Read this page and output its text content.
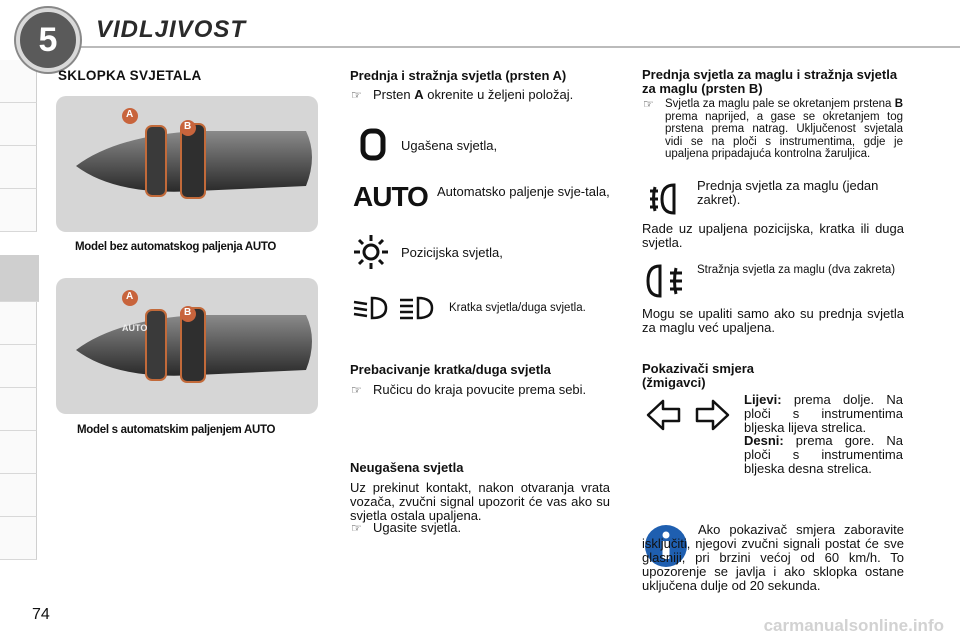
5	VIDLJIVOST
SKLOPKA SVJETALA
A
B
Model bez automatskog paljenja AUTO
A
B
AUTO
Model s automatskim paljenjem AUTO
Prednja i stražnja svjetla (prsten A)
☞ Prsten A okrenite u željeni položaj.
Ugašena svjetla,
AUTO Automatsko paljenje svje-tala,
Pozicijska svjetla,
Kratka svjetla/duga svjetla.
Prebacivanje kratka/duga svjetla
☞ Ručicu do kraja povucite prema sebi.
Neugašena svjetla
Uz prekinut kontakt, nakon otvaranja vrata vozača, zvučni signal upozorit će vas ako su svjetla ostala upaljena.
☞ Ugasite svjetla.
Prednja svjetla za maglu i stražnja svjetla za maglu (prsten B)
☞ Svjetla za maglu pale se okretanjem prstena B prema naprijed, a gase se okretanjem tog prstena prema natrag. Uključenost svjetala vidi se na ploči s instrumentima, gdje je upaljena pripadajuća kontrolna žaruljica.
Prednja svjetla za maglu (jedan zakret).
Rade uz upaljena pozicijska, kratka ili duga svjetla.
Stražnja svjetla za maglu (dva zakreta)
Mogu se upaliti samo ako su prednja svjetla za maglu već upaljena.
Pokazivači smjera (žmigavci)
Lijevi: prema dolje. Na ploči s instrumentima bljeska lijeva strelica.
Desni: prema gore. Na ploči s instrumentima bljeska desna strelica.
Ako pokazivač smjera zaboravite isključiti, njegovi zvučni signali postat će sve glasniji, pri brzini većoj od 60 km/h. To upozorenje se javlja i ako sklopka ostane uključena dulje od 20 sekunda.
74
carmanualsonline.info
